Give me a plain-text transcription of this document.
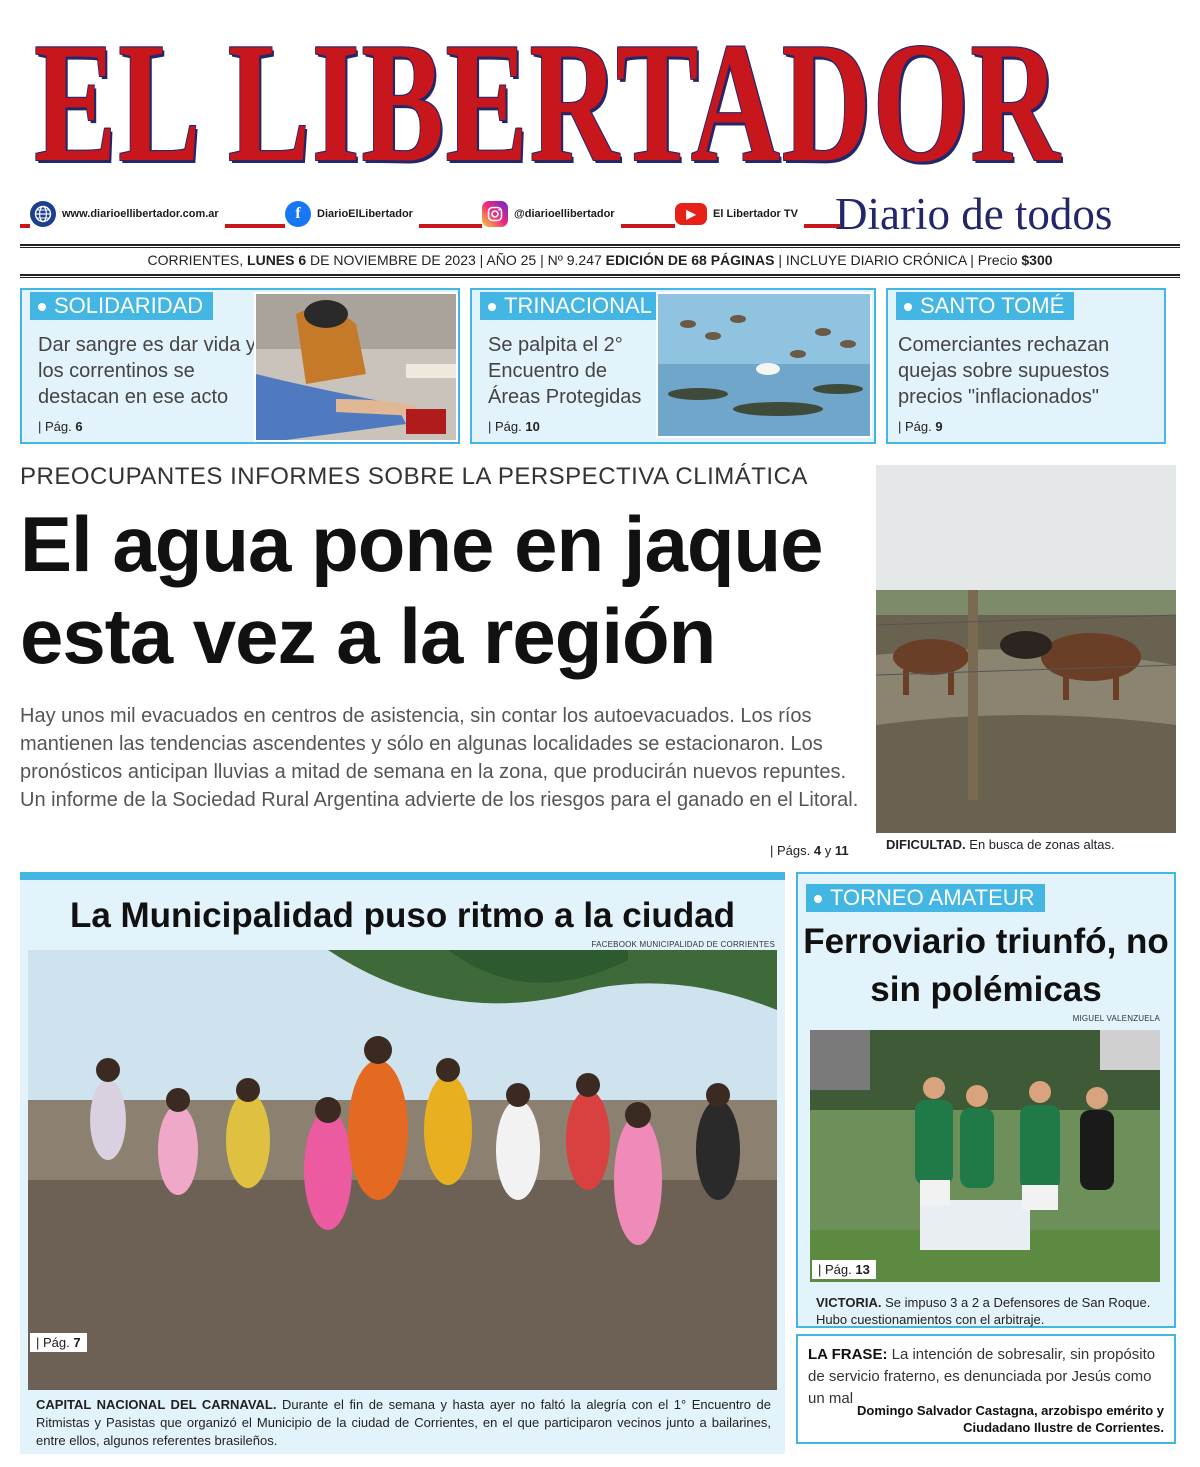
EL LIBERTADOR
www.diarioellibertador.com.ar	f	DiarioElLibertador	@diarioellibertador	▶	El Libertador TV Diario de todos
CORRIENTES, LUNES 6 DE NOVIEMBRE DE 2023 | AÑO 25 | Nº 9.247 EDICIÓN DE 68 PÁGINAS | INCLUYE DIARIO CRÓNICA | Precio $300
SOLIDARIDAD
Dar sangre es dar vida y los correntinos se destacan en ese acto
| Pág. 6
TRINACIONAL
Se palpita el 2° Encuentro de Áreas Protegidas
| Pág. 10
SANTO TOMÉ
Comerciantes rechazan quejas sobre supuestos precios "inflacionados"
| Pág. 9
PREOCUPANTES INFORMES SOBRE LA PERSPECTIVA CLIMÁTICA
El agua pone en jaque esta vez a la región

Hay unos mil evacuados en centros de asistencia, sin contar los autoevacuados. Los ríos mantienen las tendencias ascendentes y sólo en algunas localidades se estacionaron. Los pronósticos anticipan lluvias a mitad de semana en la zona, que producirán nuevos repuntes. Un informe de la Sociedad Rural Argentina advierte de los riesgos para el ganado en el Litoral.

| Págs. 4 y 11	DIFICULTAD. En busca de zonas altas.
La Municipalidad puso ritmo a la ciudad
FACEBOOK MUNICIPALIDAD DE CORRIENTES
| Pág. 7

CAPITAL NACIONAL DEL CARNAVAL. Durante el fin de semana y hasta ayer no faltó la alegría con el 1° Encuentro de Ritmistas y Pasistas que organizó el Municipio de la ciudad de Corrientes, en el que participaron vecinos junto a bailarines, entre ellos, algunos referentes brasileños.

TORNEO AMATEUR
Ferroviario triunfó, no sin polémicas
MIGUEL VALENZUELA
| Pág. 13

VICTORIA. Se impuso 3 a 2 a Defensores de San Roque. Hubo cuestionamientos con el arbitraje.

LA FRASE: La intención de sobresalir, sin propósito de servicio fraterno, es denunciada por Jesús como un mal

Domingo Salvador Castagna, arzobispo emérito y Ciudadano Ilustre de Corrientes.
